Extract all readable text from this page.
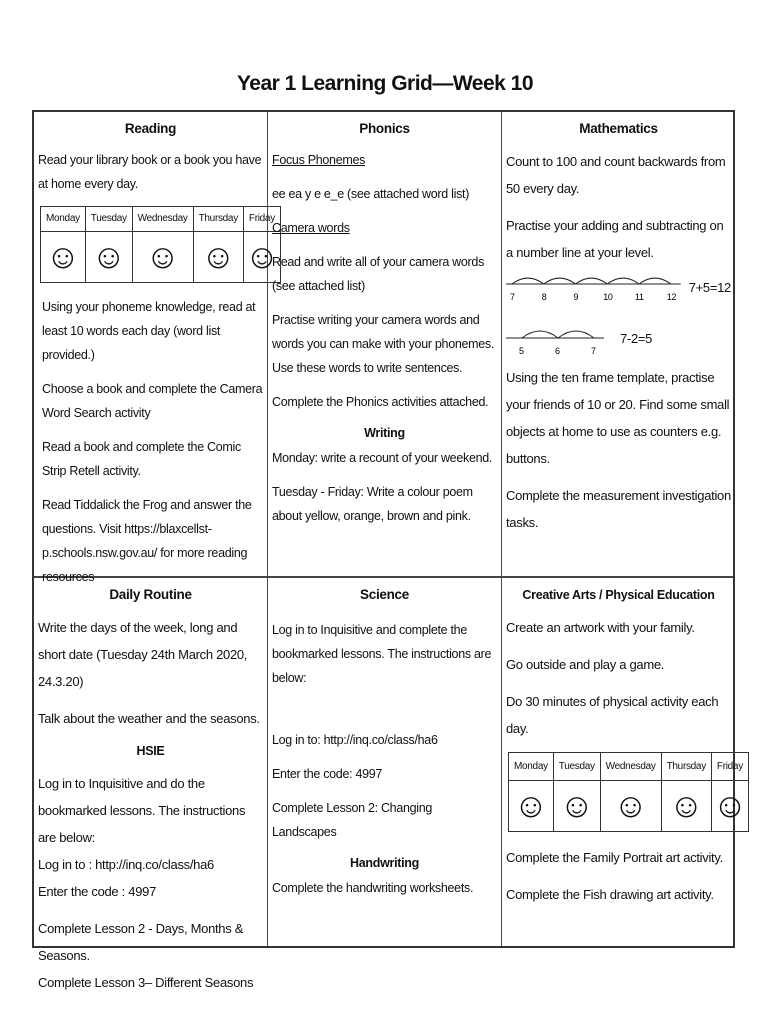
Year 1 Learning Grid—Week 10
Reading

Read your library book or a book you have at home every day.

Monday	Tuesday	Wednesday	Thursday	Friday
☺	☺	☺	☺	☺

Using your phoneme knowledge, read at least 10 words each day (word list provided.)

Choose a book and complete the Camera Word Search activity

Read a book and complete the Comic Strip Retell activity.

Read Tiddalick the Frog and answer the questions. Visit https://blaxcellst-p.schools.nsw.gov.au/ for more reading resources

Phonics

Focus Phonemes

ee ea y e e_e (see attached word list)

Camera words

Read and write all of your camera words (see attached list)

Practise writing your camera words and words you can make with your phonemes. Use these words to write sentences.

Complete the Phonics activities attached.

Writing

Monday: write a recount of your weekend.

Tuesday - Friday: Write a colour poem about yellow, orange, brown and pink.

Mathematics

Count to 100 and count backwards from 50 every day.

Practise your adding and subtracting on a number line at your level.

7	8	9	10 11	12
7+5=12
5	6	7
7-2=5

Using the ten frame template, practise your friends of 10 or 20. Find some small objects at home to use as counters e.g. buttons.

Complete the measurement investigation tasks.

Daily Routine

Write the days of the week, long and short date (Tuesday 24th March 2020, 24.3.20)

Talk about the weather and the seasons.

HSIE

Log in to Inquisitive and do the bookmarked lessons. The instructions are below:

Log in to : http://inq.co/class/ha6

Enter the code : 4997

Complete Lesson 2 - Days, Months & Seasons.

Complete Lesson 3– Different Seasons

Science

Log in to Inquisitive and complete the bookmarked lessons. The instructions are below:

Log in to: http://inq.co/class/ha6

Enter the code: 4997

Complete Lesson 2: Changing Landscapes

Handwriting

Complete the handwriting worksheets.

Creative Arts / Physical Education

Create an artwork with your family.

Go outside and play a game.

Do 30 minutes of physical activity each day.

Monday	Tuesday	Wednesday	Thursday	Friday
☺	☺	☺	☺	☺

Complete the Family Portrait art activity.

Complete the Fish drawing art activity.
